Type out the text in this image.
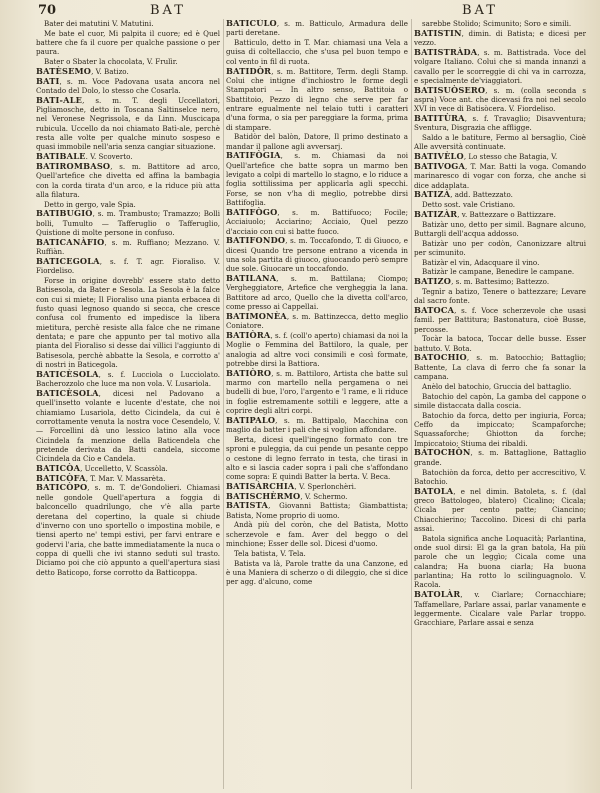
70	BAT	BAT

Bater dei matutini V. Matutini.

Me bate el cuor, Mi palpita il cuore; ed è Quel battere che fa il cuore per qualche passione o per paura.

Bater o Sbater la chocolata, V. Frulìr.

BATÈSEMO, V. Batizo.

BATI, s. m. Voce Padovana usata ancora nel Contado del Dolo, lo stesso che Cosarla.

BATI-ALE, s. m. T. degli Uccellatori, Pigliamosche, detto in Toscana Saltinselce nero, nel Veronese Negrissola, e da Linn. Muscicapa rubicula. Uccello da noi chiamato Batì-ale, perchè resta alle volte per qualche minuto sospeso e quasi immobile nell'aria senza cangiar situazione.

BATIBALE. V. Scoverto.

BATIROMBASO, s. m. Battitore ad arco, Quell'artefice che divetta ed affina la bambagia con la corda tirata d'un arco, e la riduce più atta alla filatura.

Detto in gergo, vale Spia.

BATIBUGIO, s. m. Trambusto; Tramazzo; Bolli bolli, Tumulto — Tafferuglio o Tafferuglio, Quistione di molte persone in confuso.

BATICANÀFIO, s. m. Ruffiano; Mezzano. V. Ruffiàn.

BATICEGOLA, s. f. T. agr. Fioralìso. V. Fiordeliso.

Forse in origine dovrebb' essere stato detto Batisesola, da Bater e Sesola. La Sesola è la falce con cui si miete; Il Fioraliso una pianta erbacea di fusto quasi legnoso quando si secca, che cresce confusa col frumento ed impedisce la libera mietitura, perchè resiste alla falce che ne rimane dentata; e pare che appunto per tal motivo alla pianta del Fioraliso si desse dai villici l'aggiunto di Batisesola, perchè abbatte la Sesola, e corrotto a' dì nostri in Baticegola.

BATICÈSOLA, s. f. Lucciola o Lucciolato. Bacherozzolo che luce ma non vola. V. Lusariola.

BATICÈSOLA, dicesi nel Padovano a quell'insetto volante e lucente d'estate, che noi chiamiamo Lusariola, detto Cicindela, da cui è corrottamente venuta la nostra voce Cesendelo, V. — Forcellini dà uno lessico latino alla voce Cicindela fa menzione della Baticendela che pretende derivata da Batti candela, siccome Cicindela da Cio e Candela.

BATICÒA, Uccelletto, V. Scassòla.

BATICÒFA, T. Mar. V. Massarèta.

BATICÒPO, s. m. T. de'Gondolieri. Chiamasi nelle gondole Quell'apertura a foggia di balconcello quadrilungo, che v'è alla parte deretana del copertino, la quale si chiude d'inverno con uno sportello o impostina mobile, e tiensi aperto ne' tempi estivi, per farvi entrare e godervi l'aria, che batte immediatamente la nuca o coppa di quelli che ivi stanno seduti sul trasto. Diciamo poi che ciò appunto a quell'apertura siasi detto Baticopo, forse corrotto da Batticoppa.

BATICÙLO, s. m. Batticulo, Armadura delle parti deretane.

Batticulo, detto in T. Mar. chiamasi una Vela a guisa di coltellaccio, che s'usa pel buon tempo e col vento in fil di ruota.

BATIDÒR, s. m. Battitore, Term. degli Stamp. Colui che intigne d'inchiostro le forme degli Stampatori — In altro senso, Battitoia o Sbattitoio, Pezzo di legno che serve per far entrare egualmente nel telaio tutti i caratteri d'una forma, o sia per pareggiare la forma, prima di stampare.

Batidòr del balòn, Datore, Il primo destinato a mandar il pallone agli avversarj.

BATIFÒGIA, s. m. Chiamasi da noi Quell'artefice che batte sopra un marmo ben levigato a colpi di martello lo stagno, e lo riduce a foglia sottilissima per applicarla agli specchi. Forse, se non v'ha di meglio, potrebbe dirsi Battifoglia.

BATIFÒGO, s. m. Battifuoco; Focile; Acciaiuolo; Acciarino; Acciaio, Quel pezzo d'acciaio con cui si batte fuoco.

BATIFONDO, s. m. Toccafondo, T. di Giuoco, e dicesi Quando tre persone entrano a vicenda in una sola partita di giuoco, giuocando però sempre due sole. Giuocare un toccafondo.

BATILANA, s. m. Battilana; Ciompo; Vergheggiatore, Artefice che vergheggia la lana. Battitore ad arco, Quello che la divetta coll'arco, come presso ai Cappellai.

BATIMONÈA, s. m. Battinzecca, detto meglio Coniatore.

BATIÒRA, s. f. (coll'o aperto) chiamasi da noi la Moglie o Femmina del Battiloro, la quale, per analogia ad altre voci consimili e così formate, potrebbe dirsi la Battiora.

BATIÒRO, s. m. Battiloro, Artista che batte sul marmo con martello nella pergamena o nei budelli di bue, l'oro, l'argento e 'l rame, e li riduce in foglie estremamente sottili e leggere, atte a coprire degli altri corpi.

BATIPALO, s. m. Battipalo, Macchina con maglio da batter i pali che si voglion affondare.

Berta, dicesi quell'ingegno formato con tre sproni e puleggia, da cui pende un pesante ceppo o cestone di legno ferrato in testa, che tirasi in alto e si lascia cader sopra i pali che s'affondano come sopra: E quindi Batter la berta. V. Beca.

BATISÀRCHIA, V. Sperlonchèri.

BATISCHÈRMO, V. Schermo.

BATISTA, Giovanni Battista; Giambattista; Batista, Nome proprio di uomo.

Andà più del coròn, che del Batista, Motto scherzevole e fam. Aver del beggo o del minchione; Esser delle sol. Dicesi d'uomo.

Tela batista, V. Tela.

Batista va là, Parole tratte da una Canzone, ed è una Maniera di scherzo o di dileggio, che si dice per agg. d'alcuno, come

sarebbe Stolido; Scimunito; Soro e simili.

BATISTIN, dimin. di Batista; e dicesi per vezzo.

BATISTRÀDA, s. m. Battistrada. Voce del volgare Italiano. Colui che si manda innanzi a cavallo per le scorreggie di chi va in carrozza, e specialmente de'viaggiatori.

BATISUÒSERO, s. m. (colla seconda s aspra) Voce ant. che dicevasi fra noi nel secolo XVI in vece di Batisòcera. V. Fiordeliso.

BATITÙRA, s. f. Travaglio; Disavventura; Sventura, Disgrazia che affligge.

Saldo a le batiture, Fermo al bersaglio, Cioè Alle avversità continuate.

BATIVÈLO, Lo stesso che Batagia, V.

BATIVOGA, T. Mar. Batti la voga. Comando marinaresco di vogar con forza, che anche si dice addaplata.

BATIZÀ, add. Battezzato.

Detto sost. vale Cristiano.

BATIZÀR, v. Battezzare o Battizzare.

Batizàr uno, detto per simil. Bagnare alcuno, Buttargli dell'acqua addosso.

Batizàr uno per codòn, Canonizzare altrui per scimunito.

Batizàr el vin, Adacquare il vino.

Batizàr le campane, Benedire le campane.

BATIZO, s. m. Battesimo; Battezzo.

Tegnìr a batizo, Tenere o battezzare; Levare dal sacro fonte.

BATOCA, s. f. Voce scherzevole che usasi famil. per Battitura; Bastonatura, cioè Busse, percosse.

Tocàr la batoca, Toccar delle busse. Esser battuto. V. Bota.

BATOCHIO, s. m. Batocchio; Battaglio; Battente, La clava di ferro che fa sonar la campana.

Anèlo del batochio, Gruccia del battaglio.

Batochio del capòn, La gamba del cappone o simile distaccata dalla coscia.

Batochio da forca, detto per ingiuria, Forca; Ceffo da impiccato; Scampaforche; Squassaforche; Ghiotton da forche; Impiccatoio; Stiuma dei ribaldi.

BATOCHÒN, s. m. Battaglione, Battaglio grande.

Batochiòn da forca, detto per accrescitivo, V. Batochio.

BATOLA, e nel dimin. Batoleta, s. f. (dal greco Battologeo, blatero) Cicalino; Cicala; Cicala per cento patte; Ciancino; Chiacchierino; Taccolino. Dicesi di chi parla assai.

Batola significa anche Loquacità; Parlantina, onde suol dirsi: El ga la gran batola, Ha più parole che un leggìo; Cicala come una calandra; Ha buona ciarla; Ha buona parlantina; Ha rotto lo scilinguagnolo. V. Racola.

BATOLÀR, v. Ciarlare; Cornacchiare; Taffamellare, Parlare assai, parlar vanamente e leggermente. Cicalare vale Parlar troppo. Gracchiare, Parlare assai e senza
